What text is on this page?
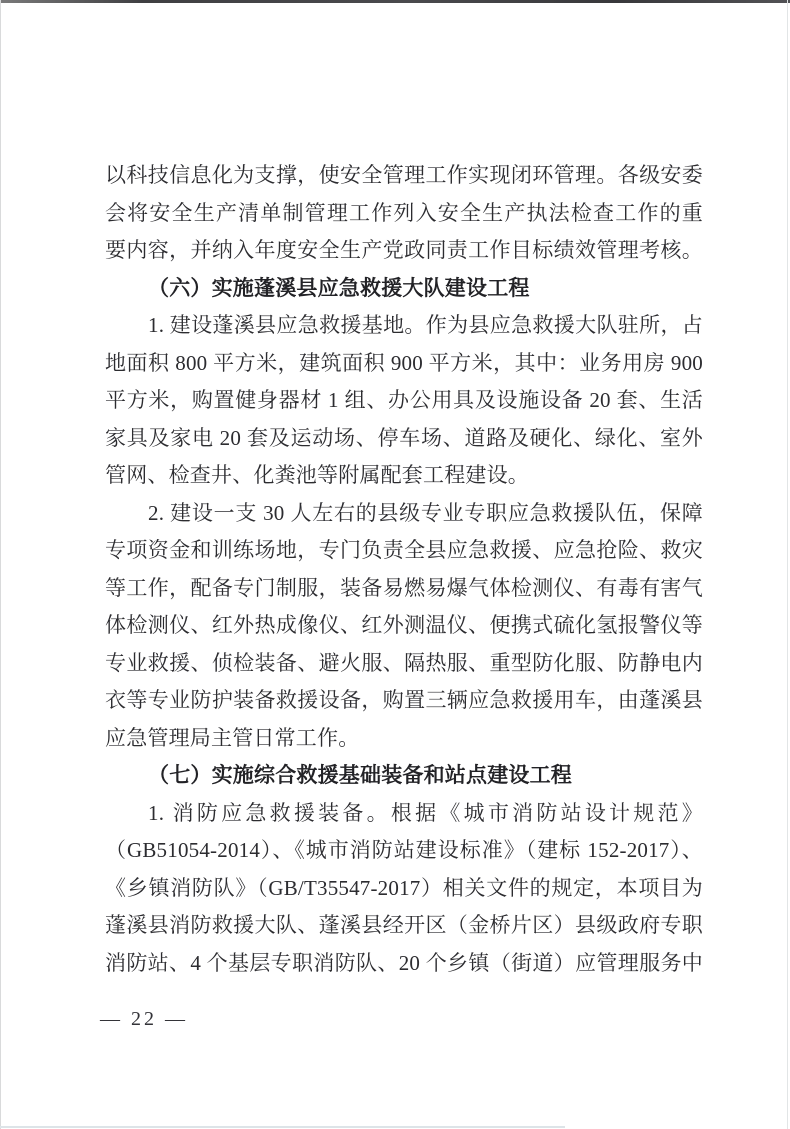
以科技信息化为支撑，使安全管理工作实现闭环管理。各级安委
会将安全生产清单制管理工作列入安全生产执法检查工作的重
要内容，并纳入年度安全生产党政同责工作目标绩效管理考核。
（六）实施蓬溪县应急救援大队建设工程
1. 建设蓬溪县应急救援基地。作为县应急救援大队驻所，占
地面积 800 平方米，建筑面积 900 平方米，其中：业务用房 900
平方米，购置健身器材 1 组、办公用具及设施设备 20 套、生活
家具及家电 20 套及运动场、停车场、道路及硬化、绿化、室外
管网、检查井、化粪池等附属配套工程建设。
2. 建设一支 30 人左右的县级专业专职应急救援队伍，保障
专项资金和训练场地，专门负责全县应急救援、应急抢险、救灾
等工作，配备专门制服，装备易燃易爆气体检测仪、有毒有害气
体检测仪、红外热成像仪、红外测温仪、便携式硫化氢报警仪等
专业救援、侦检装备、避火服、隔热服、重型防化服、防静电内
衣等专业防护装备救援设备，购置三辆应急救援用车，由蓬溪县
应急管理局主管日常工作。
（七）实施综合救援基础装备和站点建设工程
1. 消防应急救援装备。根据《城市消防站设计规范》
（GB51054-2014）、《城市消防站建设标准》（建标 152-2017）、
《乡镇消防队》（GB/T35547-2017）相关文件的规定，本项目为
蓬溪县消防救援大队、蓬溪县经开区（金桥片区）县级政府专职
消防站、4 个基层专职消防队、20 个乡镇（街道）应管理服务中
— 22 —
